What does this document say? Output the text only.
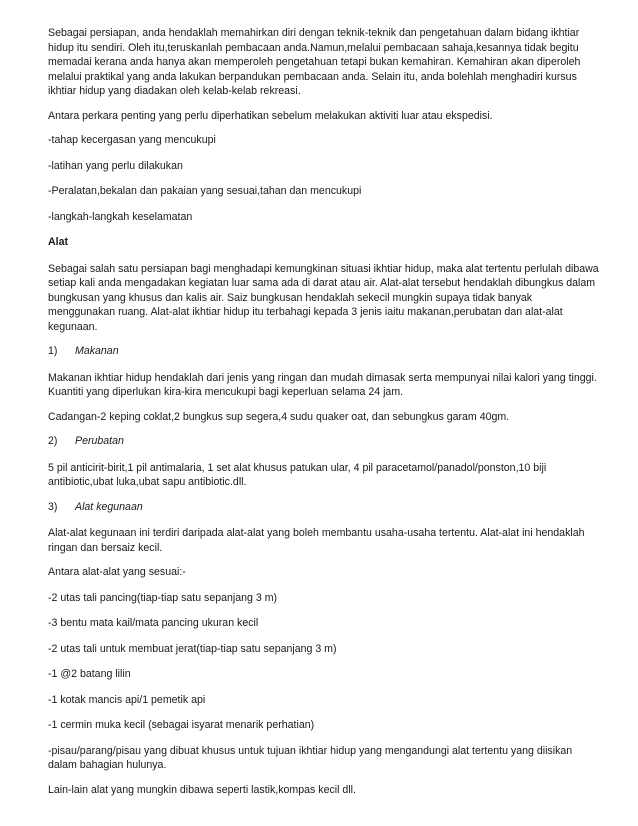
Sebagai persiapan, anda hendaklah memahirkan diri dengan teknik-teknik dan pengetahuan dalam bidang ikhtiar hidup itu sendiri. Oleh itu,teruskanlah pembacaan anda.Namun,melalui pembacaan sahaja,kesannya tidak begitu memadai kerana anda hanya akan memperoleh pengetahuan tetapi bukan kemahiran. Kemahiran akan diperoleh melalui praktikal yang anda lakukan berpandukan pembacaan anda. Selain itu, anda bolehlah menghadiri kursus ikhtiar hidup yang diadakan oleh kelab-kelab rekreasi.

Antara perkara penting yang perlu diperhatikan sebelum melakukan aktiviti luar atau ekspedisi.

-tahap kecergasan yang mencukupi

-latihan yang perlu dilakukan

-Peralatan,bekalan dan pakaian yang sesuai,tahan dan mencukupi

-langkah-langkah keselamatan

Alat

Sebagai salah satu persiapan bagi menghadapi kemungkinan situasi ikhtiar hidup, maka alat tertentu perlulah dibawa setiap kali anda mengadakan kegiatan luar sama ada di darat atau air. Alat-alat tersebut hendaklah dibungkus dalam bungkusan yang khusus dan kalis air. Saiz bungkusan hendaklah sekecil mungkin supaya tidak banyak menggunakan ruang. Alat-alat ikhtiar hidup itu terbahagi kepada 3 jenis iaitu makanan,perubatan dan alat-alat kegunaan.

1)	Makanan

Makanan ikhtiar hidup hendaklah dari jenis yang ringan dan mudah dimasak serta mempunyai nilai kalori yang tinggi. Kuantiti yang diperlukan kira-kira mencukupi bagi keperluan selama 24 jam.

Cadangan-2 keping coklat,2 bungkus sup segera,4 sudu quaker oat, dan sebungkus garam 40gm.

2)	Perubatan

5 pil anticirit-birit,1 pil antimalaria, 1 set alat khusus patukan ular, 4 pil paracetamol/panadol/ponston,10 biji antibiotic,ubat luka,ubat sapu antibiotic.dll.

3)	Alat kegunaan

Alat-alat kegunaan ini terdiri daripada alat-alat yang boleh membantu usaha-usaha tertentu. Alat-alat ini hendaklah ringan dan bersaiz kecil.

Antara alat-alat yang sesuai:-

-2 utas tali pancing(tiap-tiap satu sepanjang 3 m)

-3 bentu mata kail/mata pancing ukuran kecil

-2 utas tali untuk membuat jerat(tiap-tiap satu sepanjang 3 m)

-1 @2 batang lilin

-1 kotak mancis api/1 pemetik api

-1 cermin muka kecil (sebagai isyarat menarik perhatian)

-pisau/parang/pisau yang dibuat khusus untuk tujuan ikhtiar hidup yang mengandungi alat tertentu yang diisikan dalam bahagian hulunya.

Lain-lain alat yang mungkin dibawa seperti lastik,kompas kecil dll.
